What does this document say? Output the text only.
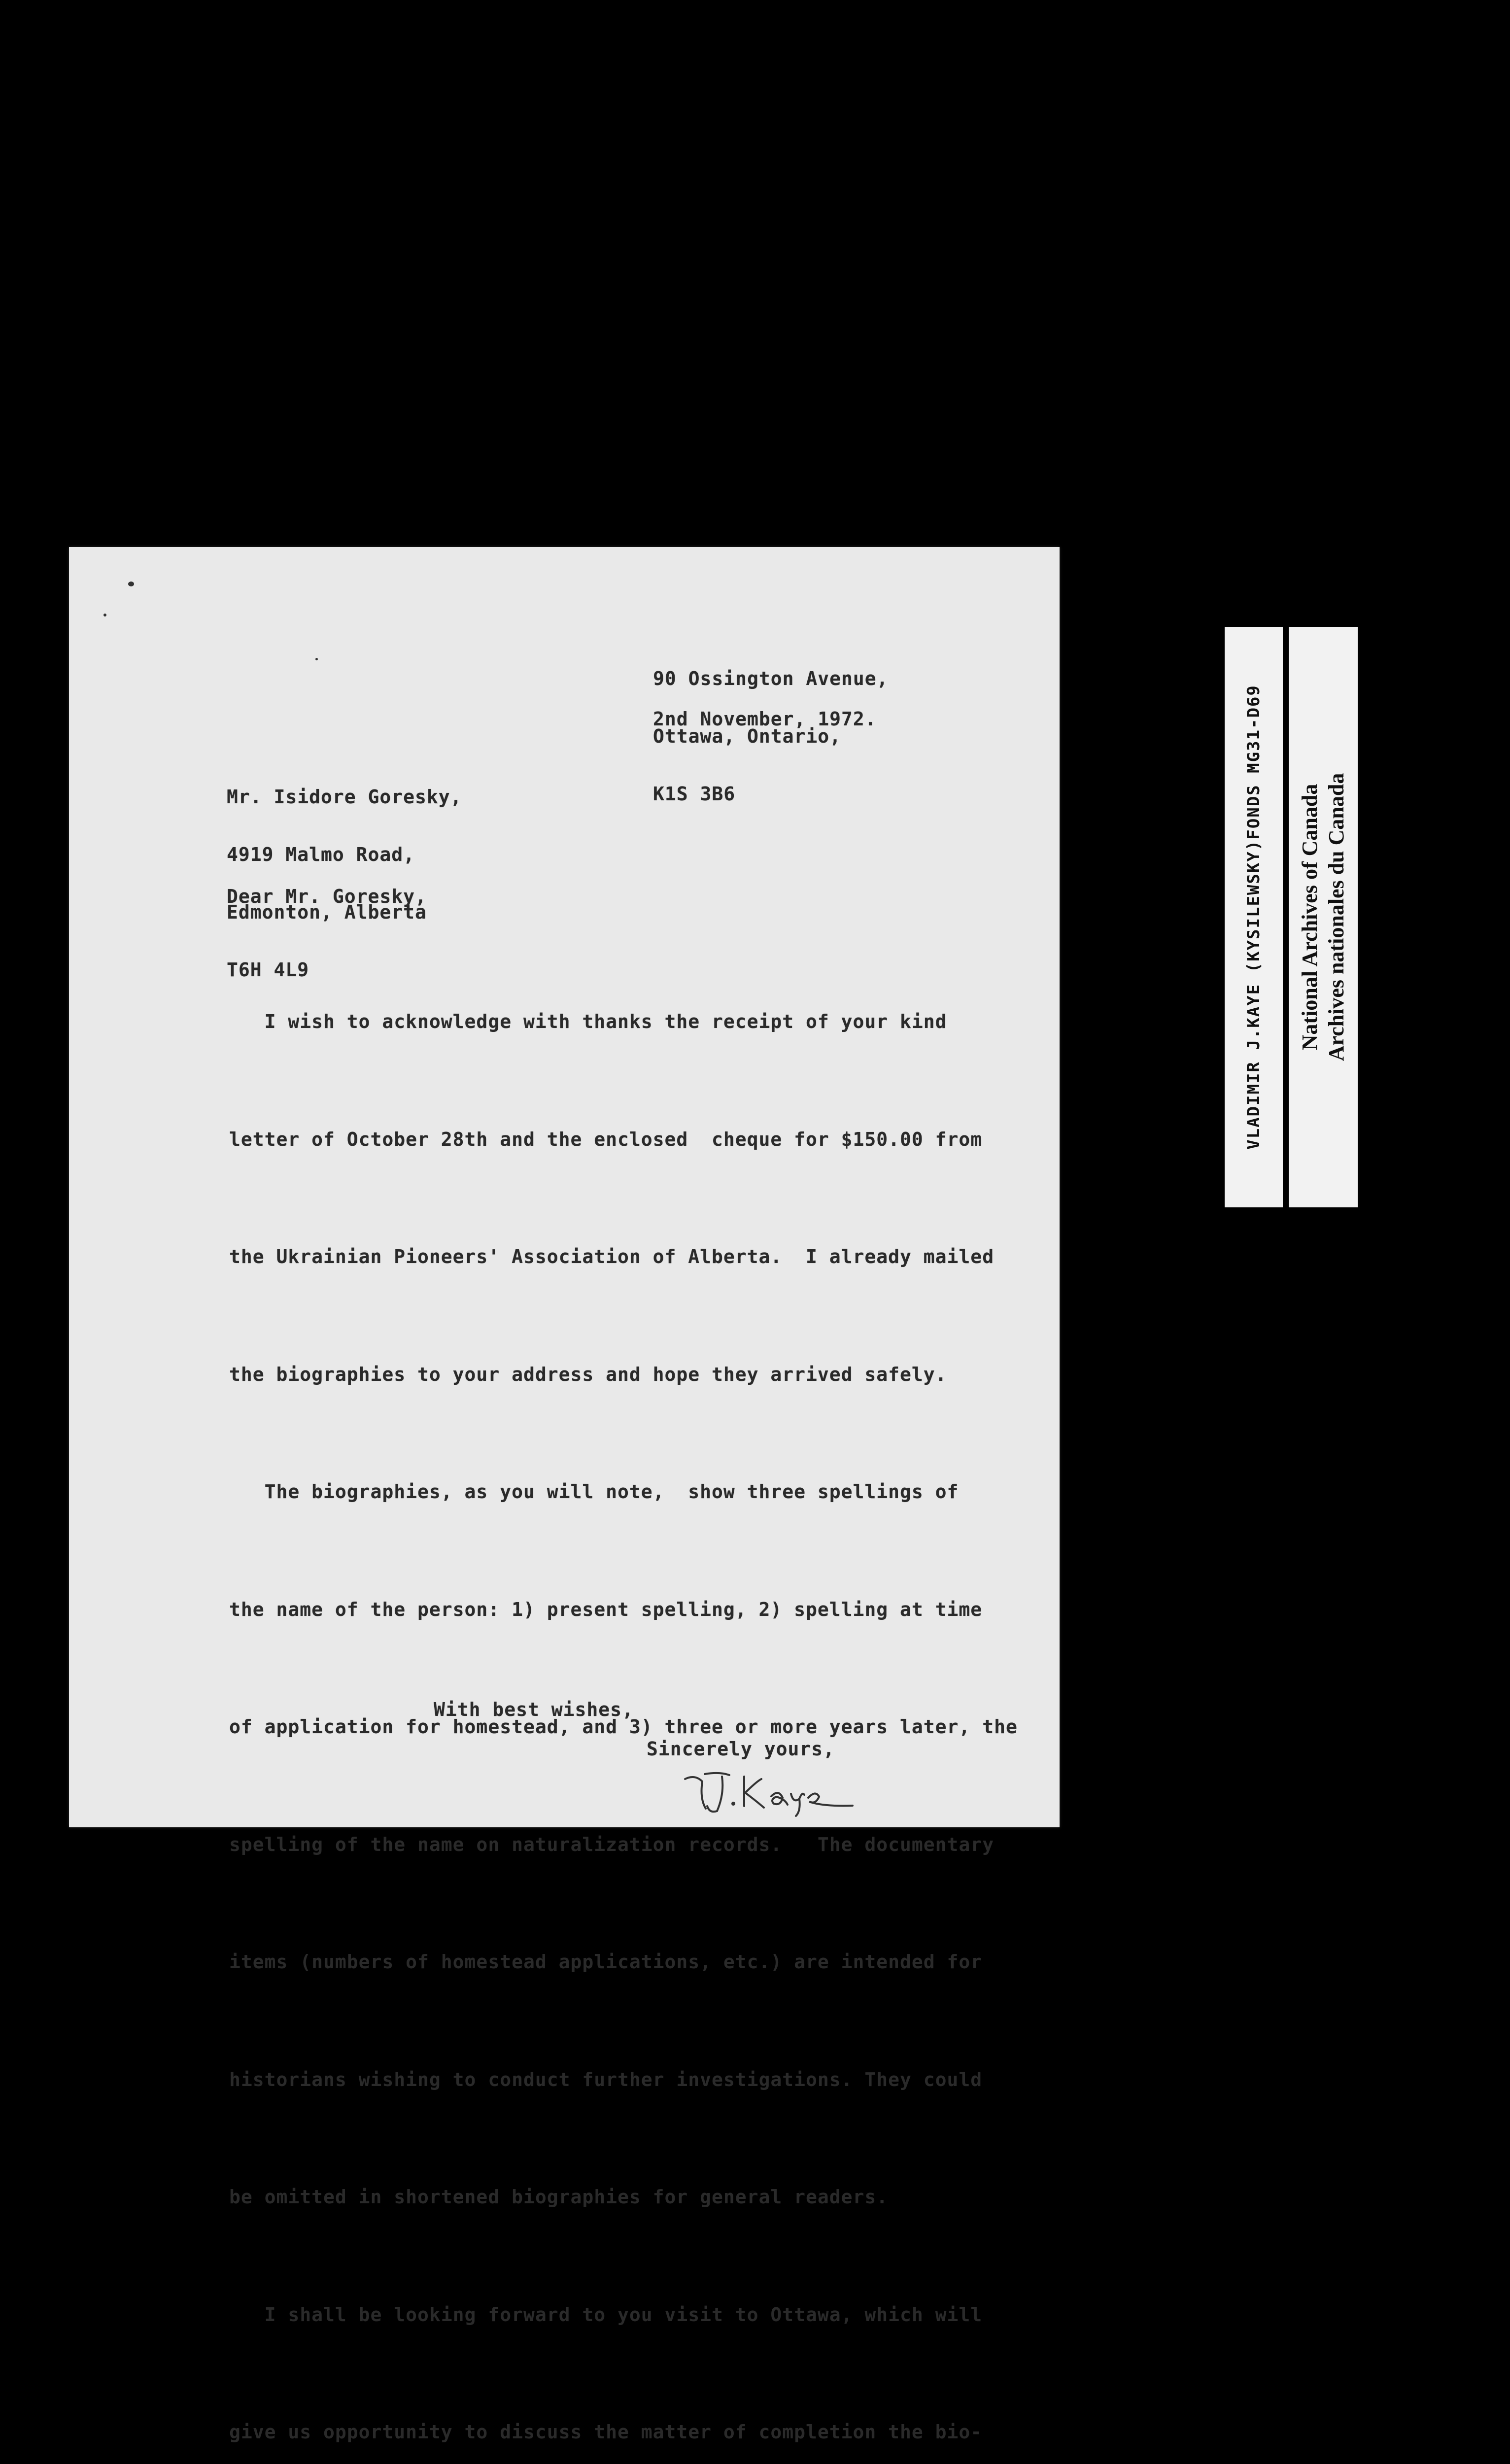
90 Ossington Avenue,

Ottawa, Ontario,

K1S 3B6

2nd November, 1972.

Mr. Isidore Goresky,

4919 Malmo Road,

Edmonton, Alberta

T6H 4L9

Dear Mr. Goresky,

I wish to acknowledge with thanks the receipt of your kind

letter of October 28th and the enclosed  cheque for $150.00 from

the Ukrainian Pioneers' Association of Alberta.  I already mailed

the biographies to your address and hope they arrived safely.

The biographies, as you will note,  show three spellings of

the name of the person: 1) present spelling, 2) spelling at time

of application for homestead, and 3) three or more years later, the

spelling of the name on naturalization records.   The documentary

items (numbers of homestead applications, etc.) are intended for

historians wishing to conduct further investigations. They could

be omitted in shortened biographies for general readers.

I shall be looking forward to you visit to Ottawa, which will

give us opportunity to discuss the matter of completion the bio-

With best wishes,
Sincerely yours,
VLADIMIR J.KAYE (KYSILEWSKY)FONDS MG31-D69 National Archives of Canada Archives nationales du Canada
